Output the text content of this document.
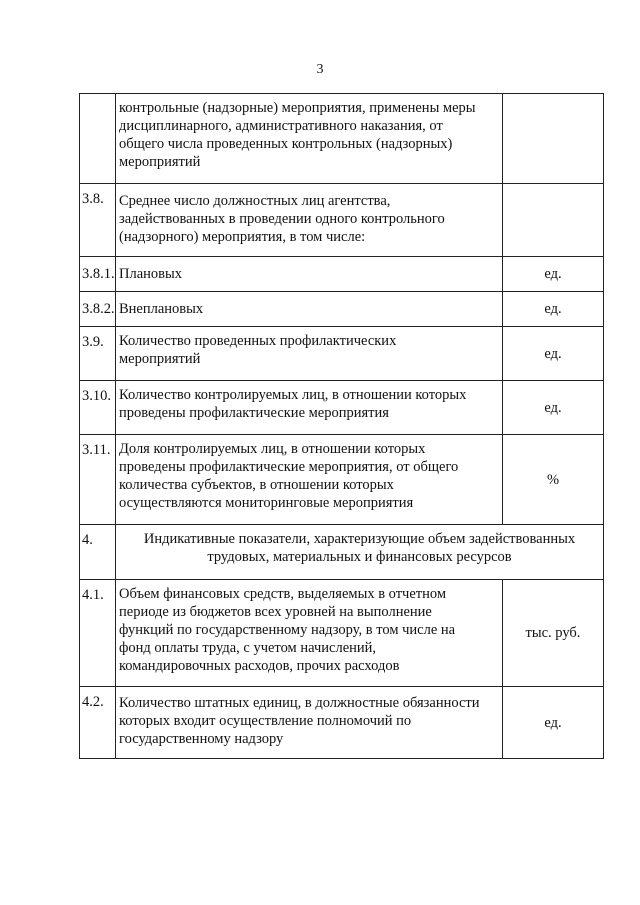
3

	контрольные (надзорные) мероприятия, применены меры
дисциплинарного, административного наказания, от
общего числа проведенных контрольных (надзорных)
мероприятий	

3.8.	Среднее число должностных лиц агентства,
задействованных в проведении одного контрольного
(надзорного) мероприятия, в том числе:	

3.8.1.	Плановых	ед.
3.8.2.	Внеплановых	ед.
3.9.	Количество проведенных профилактических
мероприятий	ед.
3.10.	Количество контролируемых лиц, в отношении которых
проведены профилактические мероприятия	ед.
3.11.	Доля контролируемых лиц, в отношении которых
проведены профилактические мероприятия, от общего
количества субъектов, в отношении которых
осуществляются мониторинговые мероприятия	%
4.	Индикативные показатели, характеризующие объем задействованных трудовых, материальных и финансовых ресурсов	
4.1.	Объем финансовых средств, выделяемых в отчетном
периоде из бюджетов всех уровней на выполнение
функций по государственному надзору, в том числе на
фонд оплаты труда, с учетом начислений,
командировочных расходов, прочих расходов	тыс. руб.
4.2.	Количество штатных единиц, в должностные обязанности
которых входит осуществление полномочий по
государственному надзору	ед.
